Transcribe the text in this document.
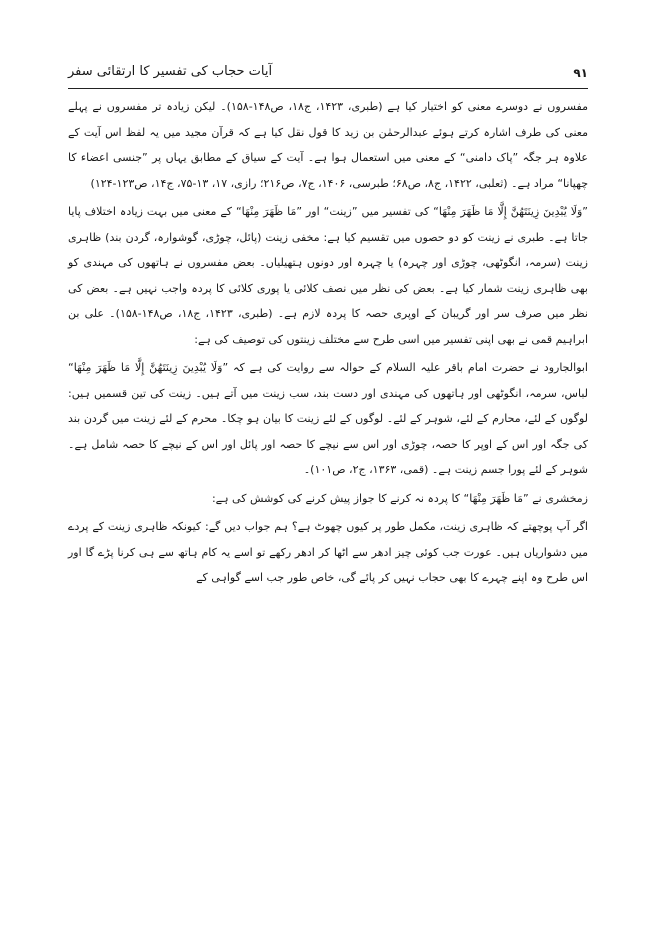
۹۱
آیات حجاب کی تفسیر کا ارتقائی سفر

مفسروں نے دوسرے معنی کو اختیار کیا ہے (طبری، ۱۴۲۳، ج۱۸، ص۱۴۸-۱۵۸)۔ لیکن زیادہ تر مفسروں نے پہلے معنی کی طرف اشارہ کرتے ہوئے عبدالرحمٰن بن زید کا قول نقل کیا ہے کہ قرآن مجید میں یہ لفظ اس آیت کے علاوہ ہر جگہ ”پاک دامنی“ کے معنی میں استعمال ہوا ہے۔ آیت کے سیاق کے مطابق یہاں پر ”جنسی اعضاء کا چھپانا“ مراد ہے۔ (ثعلبی، ۱۴۲۲، ج۸، ص۶۸؛ طبرسی، ۱۴۰۶، ج۷، ص۲۱۶؛ رازی، ۱۷، ۱۳-۷۵، ج۱۴، ص۱۲۳-۱۲۴)

”وَلَا يُبْدِينَ زِينَتَهُنَّ إِلَّا مَا ظَهَرَ مِنْهَا“ کی تفسیر میں ”زینت“ اور ”مَا ظَهَرَ مِنْهَا“ کے معنی میں بہت زیادہ اختلاف پایا جاتا ہے۔ طبری نے زینت کو دو حصوں میں تقسیم کیا ہے: مخفی زینت (پائل، چوڑی، گوشوارہ، گردن بند) ظاہری زینت (سرمہ، انگوٹھی، چوڑی اور چہرہ) یا چہرہ اور دونوں ہتھیلیاں۔ بعض مفسروں نے ہاتھوں کی مہندی کو بھی ظاہری زینت شمار کیا ہے۔ بعض کی نظر میں نصف کلائی یا پوری کلائی کا پردہ واجب نہیں ہے۔ بعض کی نظر میں صرف سر اور گریبان کے اوپری حصہ کا پردہ لازم ہے۔ (طبری، ۱۴۲۳، ج۱۸، ص۱۴۸-۱۵۸)۔ علی بن ابراہیم قمی نے بھی اپنی تفسیر میں اسی طرح سے مختلف زینتوں کی توصیف کی ہے:

ابوالجارود نے حضرت امام باقر علیہ السلام کے حوالہ سے روایت کی ہے کہ ”وَلَا يُبْدِينَ زِينَتَهُنَّ إِلَّا مَا ظَهَرَ مِنْهَا“ لباس، سرمہ، انگوٹھی اور ہاتھوں کی مہندی اور دست بند، سب زینت میں آتے ہیں۔ زینت کی تین قسمیں ہیں: لوگوں کے لئے، محارم کے لئے، شوہر کے لئے۔ لوگوں کے لئے زینت کا بیان ہو چکا۔ محرم کے لئے زینت میں گردن بند کی جگہ اور اس کے اوپر کا حصہ، چوڑی اور اس سے نیچے کا حصہ اور پائل اور اس کے نیچے کا حصہ شامل ہے۔ شوہر کے لئے پورا جسم زینت ہے۔ (قمی، ۱۳۶۳، ج۲، ص۱۰۱)۔

زمخشری نے ”مَا ظَهَرَ مِنْهَا“ کا پردہ نہ کرنے کا جواز پیش کرنے کی کوشش کی ہے:

اگر آپ پوچھتے کہ ظاہری زینت، مکمل طور پر کیوں چھوٹ ہے؟ ہم جواب دیں گے: کیونکہ ظاہری زینت کے پردے میں دشواریاں ہیں۔ عورت جب کوئی چیز ادھر سے اٹھا کر ادھر رکھے تو اسے یہ کام ہاتھ سے ہی کرنا پڑے گا اور اس طرح وہ اپنے چہرے کا بھی حجاب نہیں کر پائے گی، خاص طور جب اسے گواہی کے
